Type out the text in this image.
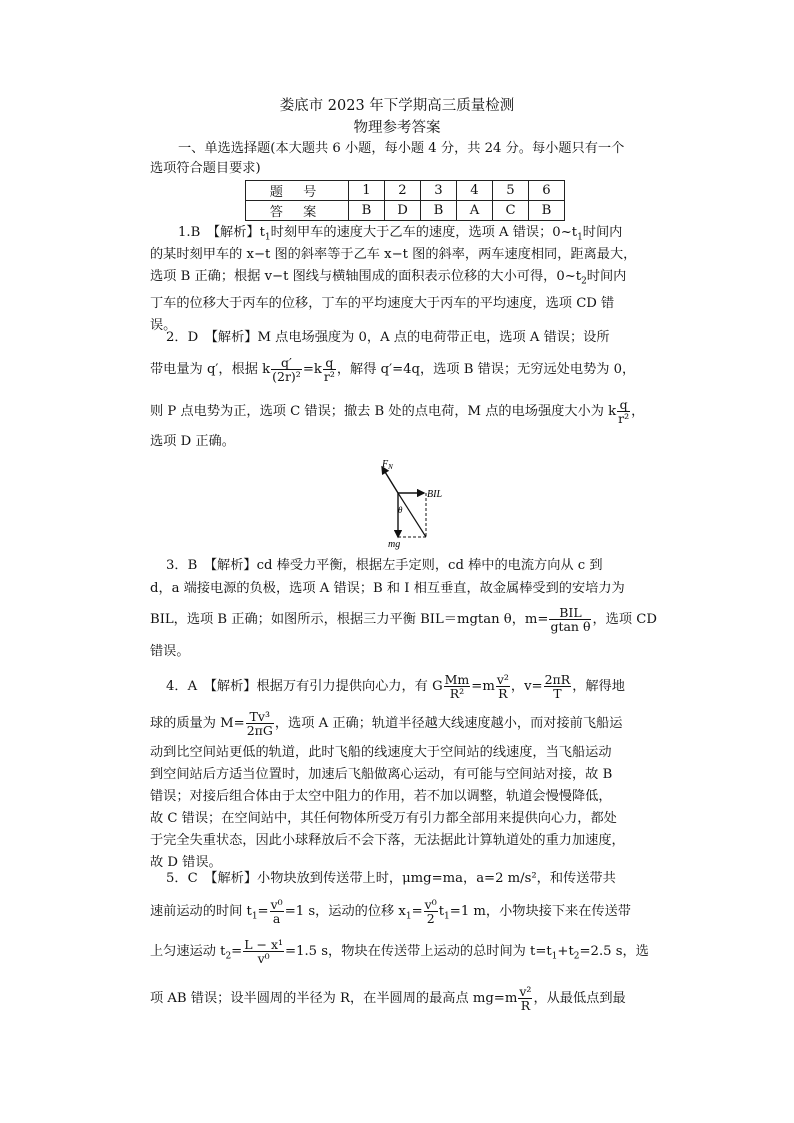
娄底市 2023 年下学期高三质量检测
物理参考答案
一、单选选择题(本大题共 6 小题，每小题 4 分，共 24 分。每小题只有一个
选项符合题目要求)
题 号	1	2	3	4	5	6
答 案	B	D	B	A	C	B
1.B　【解析】$t_1$时刻甲车的速度大于乙车的速度，选项 A 错误；$0\sim t_1$时间内
的某时刻甲车的 x−t 图的斜率等于乙车 x−t 图的斜率，两车速度相同，距离最大，
选项 B 正确；根据 v−t 图线与横轴围成的面积表示位移的大小可得，$0\sim t_2$时间内
丁车的位移大于丙车的位移，丁车的平均速度大于丙车的平均速度，选项 CD 错
误。
2．D　【解析】M 点电场强度为 0，A 点的电荷带正电，选项 A 错误；设所
带电量为 q′，根据 k $\frac{q'}{\text{(2r)²}} =k \frac{q}{\text{r²}}$ ，解得 q′=4q，选项 B 错误；无穷远处电势为 0，
则 P 点电势为正，选项 C 错误；撤去 B 处的点电荷，M 点的电场强度大小为 k $\frac{q}{\text{r²}}$ ，
选项 D 正确。
$F_N$
BIL
θ
mg
3．B　【解析】cd 棒受力平衡，根据左手定则，cd 棒中的电流方向从 c 到
d，a 端接电源的负极，选项 A 错误；B 和 I 相互垂直，故金属棒受到的安培力为
BIL，选项 B 正确；如图所示，根据三力平衡 BIL＝mgtan θ，$m= \frac{\text{BIL}}{\text{gtan θ}}$ ，选项 CD
错误。
4．A　【解析】根据万有引力提供向心力，有 G $\frac{Mm}{\text{R²}} =m \frac{\text{v²}}{R}$ ，$v= \frac{2\pi R}{T}$ ，解得地
球的质量为 $M= \frac{\text{Tv³}}{2\pi G}$ ，选项 A 正确；轨道半径越大线速度越小，而对接前飞船运
动到比空间站更低的轨道，此时飞船的线速度大于空间站的线速度，当飞船运动
到空间站后方适当位置时，加速后飞船做离心运动，有可能与空间站对接，故 B
错误；对接后组合体由于太空中阻力的作用，若不加以调整，轨道会慢慢降低，
故 C 错误；在空间站中，其任何物体所受万有引力都全部用来提供向心力，都处
于完全失重状态，因此小球释放后不会下落，无法据此计算轨道处的重力加速度，
故 D 错误。
5．C　【解析】小物块放到传送带上时，μmg=ma，a=2 m/s²，和传送带共
速前运动的时间 $t_1= \frac{\text{v⁰}}{a} =1$ s，运动的位移 $x_1= \frac{\text{v⁰}}{2} t_1=1$ m，小物块接下来在传送带
上匀速运动 $t_2= \frac{\text{L − x¹}}{\text{v⁰}} =1.5$ s，物块在传送带上运动的总时间为 $t=t_1+t_2=2.5$ s，选
项 AB 错误；设半圆周的半径为 R，在半圆周的最高点 $mg=m \frac{\text{v²}}{R}$ ，从最低点到最
